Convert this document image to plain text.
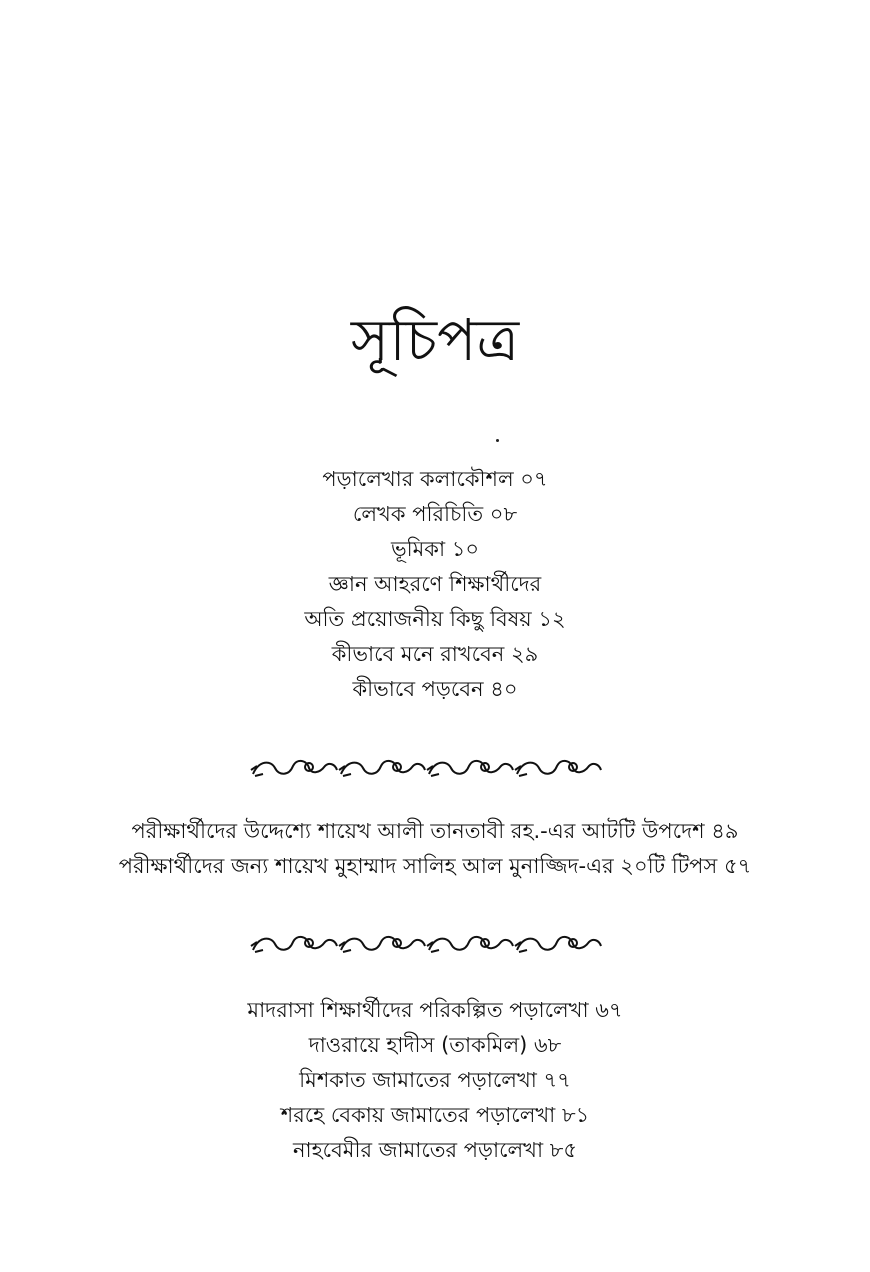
সূচিপত্র
পড়ালেখার কলাকৌশল ০৭
লেখক পরিচিতি ০৮
ভূমিকা ১০
জ্ঞান আহরণে শিক্ষার্থীদের
অতি প্রয়োজনীয় কিছু বিষয় ১২
কীভাবে মনে রাখবেন ২৯
কীভাবে পড়বেন ৪০
পরীক্ষার্থীদের উদ্দেশ্যে শায়েখ আলী তানতাবী রহ.-এর আটটি উপদেশ ৪৯
পরীক্ষার্থীদের জন্য শায়েখ মুহাম্মাদ সালিহ আল মুনাজ্জিদ-এর ২০টি টিপস ৫৭
মাদরাসা শিক্ষার্থীদের পরিকল্পিত পড়ালেখা ৬৭
দাওরায়ে হাদীস (তাকমিল) ৬৮
মিশকাত জামাতের পড়ালেখা ৭৭
শরহে বেকায় জামাতের পড়ালেখা ৮১
নাহবেমীর জামাতের পড়ালেখা ৮৫
